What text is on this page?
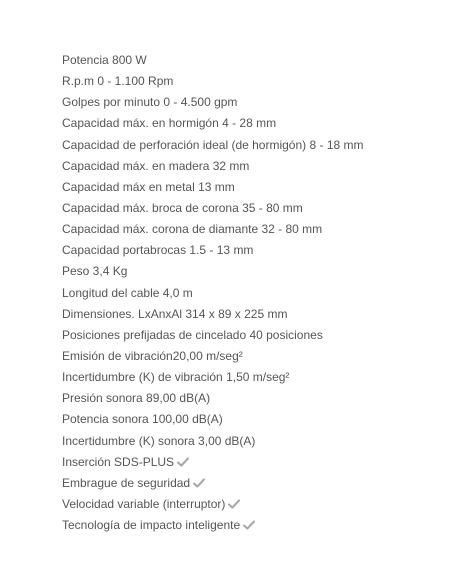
Potencia 800 W
R.p.m 0 - 1.100 Rpm
Golpes por minuto 0 - 4.500 gpm
Capacidad máx. en hormigón 4 - 28 mm
Capacidad de perforación ideal (de hormigón) 8 - 18 mm
Capacidad máx. en madera 32 mm
Capacidad máx en metal 13 mm
Capacidad máx. broca de corona 35 - 80 mm
Capacidad máx. corona de diamante 32 - 80 mm
Capacidad portabrocas 1.5 - 13 mm
Peso 3,4 Kg
Longitud del cable 4,0 m
Dimensiones. LxAnxAl 314 x 89 x 225 mm
Posiciones prefijadas de cincelado 40 posiciones
Emisión de vibración20,00 m/seg²
Incertidumbre (K) de vibración 1,50 m/seg²
Presión sonora 89,00 dB(A)
Potencia sonora 100,00 dB(A)
Incertidumbre (K) sonora 3,00 dB(A)
Inserción SDS-PLUS
Embrague de seguridad
Velocidad variable (interruptor)
Tecnología de impacto inteligente
